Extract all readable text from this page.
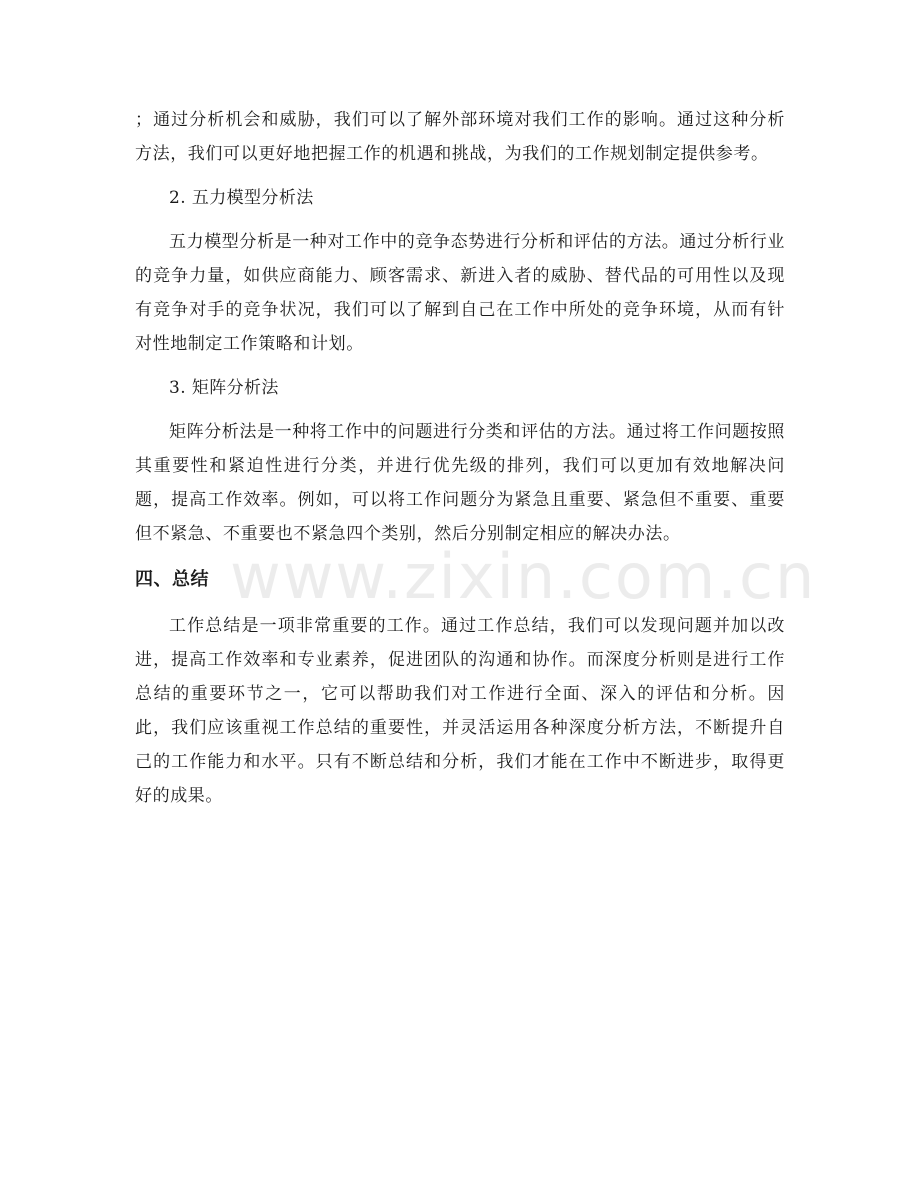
；通过分析机会和威胁，我们可以了解外部环境对我们工作的影响。通过这种分析方法，我们可以更好地把握工作的机遇和挑战，为我们的工作规划制定提供参考。

2. 五力模型分析法

五力模型分析是一种对工作中的竞争态势进行分析和评估的方法。通过分析行业的竞争力量，如供应商能力、顾客需求、新进入者的威胁、替代品的可用性以及现有竞争对手的竞争状况，我们可以了解到自己在工作中所处的竞争环境，从而有针对性地制定工作策略和计划。

3. 矩阵分析法

矩阵分析法是一种将工作中的问题进行分类和评估的方法。通过将工作问题按照其重要性和紧迫性进行分类，并进行优先级的排列，我们可以更加有效地解决问题，提高工作效率。例如，可以将工作问题分为紧急且重要、紧急但不重要、重要但不紧急、不重要也不紧急四个类别，然后分别制定相应的解决办法。

四、总结

工作总结是一项非常重要的工作。通过工作总结，我们可以发现问题并加以改进，提高工作效率和专业素养，促进团队的沟通和协作。而深度分析则是进行工作总结的重要环节之一，它可以帮助我们对工作进行全面、深入的评估和分析。因此，我们应该重视工作总结的重要性，并灵活运用各种深度分析方法，不断提升自己的工作能力和水平。只有不断总结和分析，我们才能在工作中不断进步，取得更好的成果。

www.zixin.com.cn
